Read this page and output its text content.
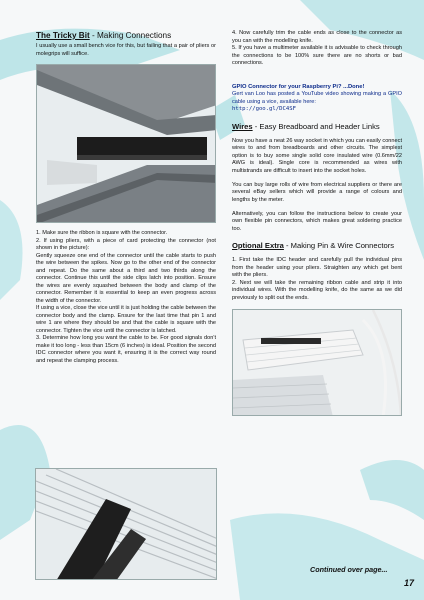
The Tricky Bit - Making Connections
I usually use a small bench vice for this, but failing that a pair of pliers or molegrips will suffice.
1. Make sure the ribbon is square with the connector.
2. If using pliers, with a piece of card protecting the connector (not shown in the picture):
Gently squeeze one end of the connector until the cable starts to push the wire between the spikes. Now go to the other end of the connector and repeat. Do the same about a third and two thirds along the connector. Continue this until the side clips latch into position. Ensure the wires are evenly squashed between the body and clamp of the connector. Remember it is essential to keep an even progress across the width of the connector.
If using a vice, close the vice until it is just holding the cable between the connector body and the clamp. Ensure for the last time that pin 1 and wire 1 are where they should be and that the cable is square with the connector. Tighten the vice until the connector is latched.
3. Determine how long you want the cable to be. For good signals don't make it too long - less than 15cm (6 inches) is ideal. Position the second IDC connector where you want it, ensuring it is the correct way round and repeat the clamping process.
4. Now carefully trim the cable ends as close to the connector as you can with the modelling knife.
5. If you have a multimeter available it is advisable to check through the connections to be 100% sure there are no shorts or bad connections.
GPIO Connector for your Raspberry Pi? ...Done!
Gert van Loo has posted a YouTube video showing making a GPIO cable using a vice, available here:
http://goo.gl/DC4SF
Wires - Easy Breadboard and Header Links
Now you have a neat 26 way socket in which you can easily connect wires to and from breadboards and other circuits. The simplest option is to buy some single solid core insulated wire (0.6mm/22 AWG is ideal). Single core is recommended as wires with multistrands are difficult to insert into the socket holes.
You can buy large rolls of wire from electrical suppliers or there are several eBay sellers which will provide a range of colours and lengths by the meter.
Alternatively, you can follow the instructions below to create your own flexible pin connectors, which makes great soldering practice too.
Optional Extra - Making Pin & Wire Connectors
1. First take the IDC header and carefully pull the individual pins from the header using your pliers. Straighten any which get bent with the pliers.
2. Next we will take the remaining ribbon cable and strip it into individual wires. With the modelling knife, do the same as we did previously to split out the ends.
Continued over page...
17
